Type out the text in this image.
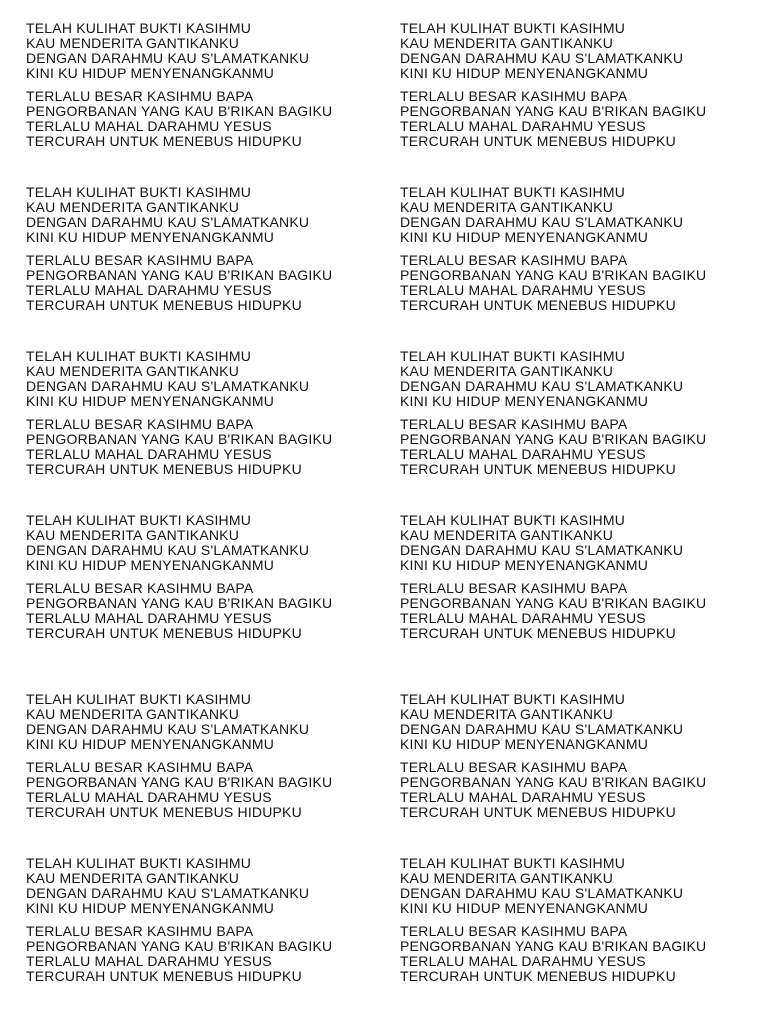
TELAH KULIHAT BUKTI KASIHMU
KAU MENDERITA GANTIKANKU
DENGAN DARAHMU KAU S'LAMATKANKU
KINI KU HIDUP MENYENANGKANMU
TERLALU BESAR KASIHMU BAPA
PENGORBANAN YANG KAU B'RIKAN BAGIKU
TERLALU MAHAL DARAHMU YESUS
TERCURAH UNTUK MENEBUS HIDUPKU
TELAH KULIHAT BUKTI KASIHMU
KAU MENDERITA GANTIKANKU
DENGAN DARAHMU KAU S'LAMATKANKU
KINI KU HIDUP MENYENANGKANMU
TERLALU BESAR KASIHMU BAPA
PENGORBANAN YANG KAU B'RIKAN BAGIKU
TERLALU MAHAL DARAHMU YESUS
TERCURAH UNTUK MENEBUS HIDUPKU
TELAH KULIHAT BUKTI KASIHMU
KAU MENDERITA GANTIKANKU
DENGAN DARAHMU KAU S'LAMATKANKU
KINI KU HIDUP MENYENANGKANMU
TERLALU BESAR KASIHMU BAPA
PENGORBANAN YANG KAU B'RIKAN BAGIKU
TERLALU MAHAL DARAHMU YESUS
TERCURAH UNTUK MENEBUS HIDUPKU
TELAH KULIHAT BUKTI KASIHMU
KAU MENDERITA GANTIKANKU
DENGAN DARAHMU KAU S'LAMATKANKU
KINI KU HIDUP MENYENANGKANMU
TERLALU BESAR KASIHMU BAPA
PENGORBANAN YANG KAU B'RIKAN BAGIKU
TERLALU MAHAL DARAHMU YESUS
TERCURAH UNTUK MENEBUS HIDUPKU
TELAH KULIHAT BUKTI KASIHMU
KAU MENDERITA GANTIKANKU
DENGAN DARAHMU KAU S'LAMATKANKU
KINI KU HIDUP MENYENANGKANMU
TERLALU BESAR KASIHMU BAPA
PENGORBANAN YANG KAU B'RIKAN BAGIKU
TERLALU MAHAL DARAHMU YESUS
TERCURAH UNTUK MENEBUS HIDUPKU
TELAH KULIHAT BUKTI KASIHMU
KAU MENDERITA GANTIKANKU
DENGAN DARAHMU KAU S'LAMATKANKU
KINI KU HIDUP MENYENANGKANMU
TERLALU BESAR KASIHMU BAPA
PENGORBANAN YANG KAU B'RIKAN BAGIKU
TERLALU MAHAL DARAHMU YESUS
TERCURAH UNTUK MENEBUS HIDUPKU
TELAH KULIHAT BUKTI KASIHMU
KAU MENDERITA GANTIKANKU
DENGAN DARAHMU KAU S'LAMATKANKU
KINI KU HIDUP MENYENANGKANMU
TERLALU BESAR KASIHMU BAPA
PENGORBANAN YANG KAU B'RIKAN BAGIKU
TERLALU MAHAL DARAHMU YESUS
TERCURAH UNTUK MENEBUS HIDUPKU
TELAH KULIHAT BUKTI KASIHMU
KAU MENDERITA GANTIKANKU
DENGAN DARAHMU KAU S'LAMATKANKU
KINI KU HIDUP MENYENANGKANMU
TERLALU BESAR KASIHMU BAPA
PENGORBANAN YANG KAU B'RIKAN BAGIKU
TERLALU MAHAL DARAHMU YESUS
TERCURAH UNTUK MENEBUS HIDUPKU
TELAH KULIHAT BUKTI KASIHMU
KAU MENDERITA GANTIKANKU
DENGAN DARAHMU KAU S'LAMATKANKU
KINI KU HIDUP MENYENANGKANMU
TERLALU BESAR KASIHMU BAPA
PENGORBANAN YANG KAU B'RIKAN BAGIKU
TERLALU MAHAL DARAHMU YESUS
TERCURAH UNTUK MENEBUS HIDUPKU
TELAH KULIHAT BUKTI KASIHMU
KAU MENDERITA GANTIKANKU
DENGAN DARAHMU KAU S'LAMATKANKU
KINI KU HIDUP MENYENANGKANMU
TERLALU BESAR KASIHMU BAPA
PENGORBANAN YANG KAU B'RIKAN BAGIKU
TERLALU MAHAL DARAHMU YESUS
TERCURAH UNTUK MENEBUS HIDUPKU
TELAH KULIHAT BUKTI KASIHMU
KAU MENDERITA GANTIKANKU
DENGAN DARAHMU KAU S'LAMATKANKU
KINI KU HIDUP MENYENANGKANMU
TERLALU BESAR KASIHMU BAPA
PENGORBANAN YANG KAU B'RIKAN BAGIKU
TERLALU MAHAL DARAHMU YESUS
TERCURAH UNTUK MENEBUS HIDUPKU
TELAH KULIHAT BUKTI KASIHMU
KAU MENDERITA GANTIKANKU
DENGAN DARAHMU KAU S'LAMATKANKU
KINI KU HIDUP MENYENANGKANMU
TERLALU BESAR KASIHMU BAPA
PENGORBANAN YANG KAU B'RIKAN BAGIKU
TERLALU MAHAL DARAHMU YESUS
TERCURAH UNTUK MENEBUS HIDUPKU
